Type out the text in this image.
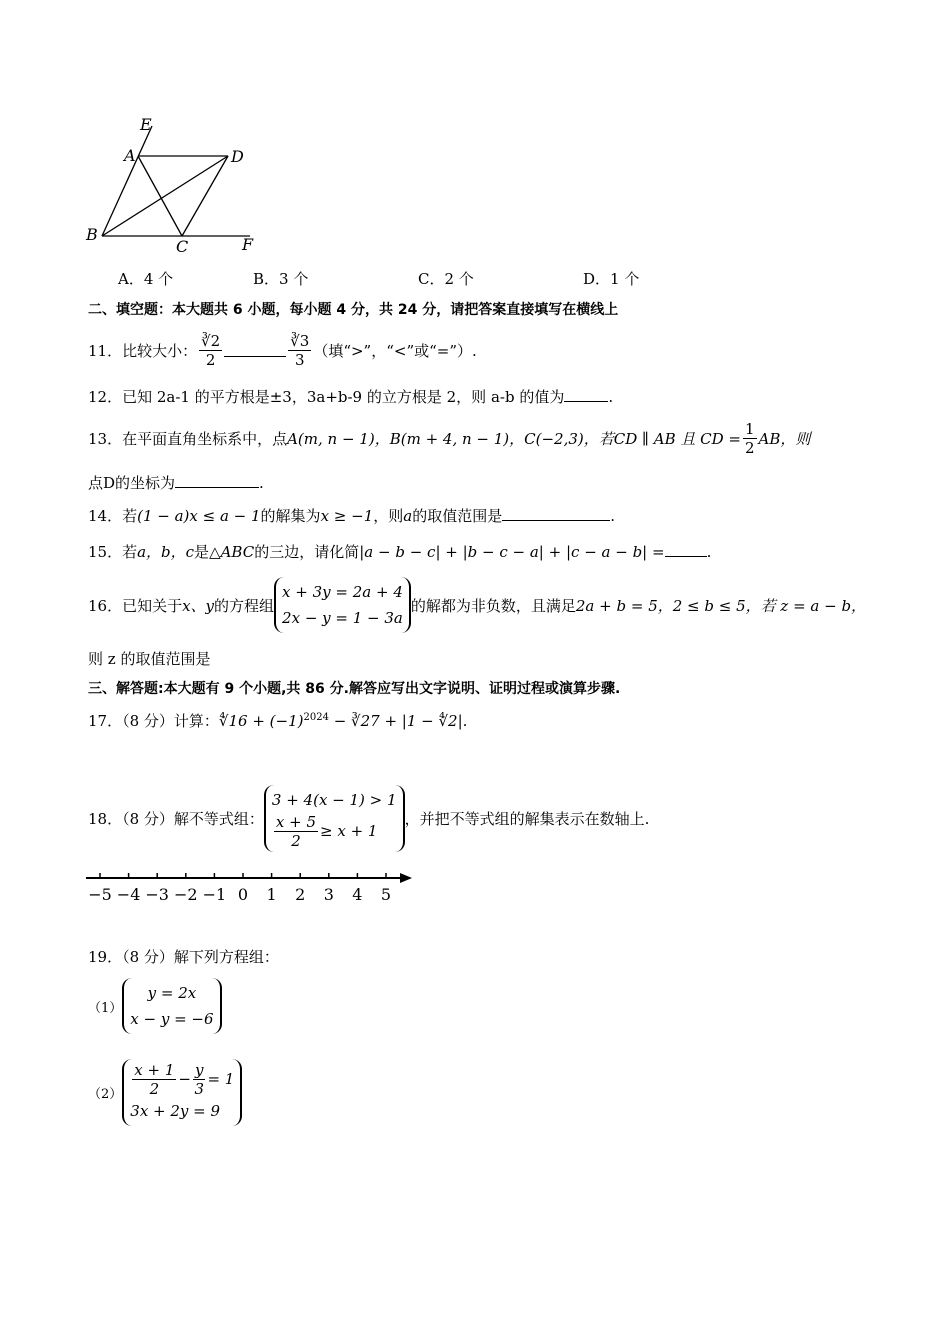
E
A	D
B
C	F
A．4 个	B．3 个	C．2 个	D．1 个
二、填空题：本大题共 6 小题，每小题 4 分，共 24 分，请把答案直接填写在横线上
11．比较大小： $\frac{∛2}{2}$	$\frac{∛3}{3}$ （填“>”，“<”或“=”）.
12．已知 2a-1 的平方根是±3，3a+b-9 的立方根是 2，则 a-b 的值为	.
13．在平面直角坐标系中，点 A(m, n − 1)， B(m + 4, n − 1)， C(−2,3)，若 CD ∥ AB 且 CD = $\frac{1}{2}$ AB，则
点D的坐标为	.
14．若(1 − a)x ≤ a − 1的解集为x ≥ −1，则a的取值范围是	.
15．若a，b，c是△ABC的三边，请化简|a − b − c| + |b − c − a| + |c − a − b| =	.
16．已知关于 x、y 的方程组
x + 3y = 2a + 4
2x − y = 1 − 3a
的解都为非负数，且满足 2a + b = 5，2 ≤ b ≤ 5，若 z = a − b，
则 z 的取值范围是
三、解答题:本大题有 9 个小题,共 86 分.解答应写出文字说明、证明过程或演算步骤.
17．（8 分）计算：∜16 + $(-1)^{2024}$ − ∛27 + |1 − ∜2|.
18．（8 分）解不等式组：
3 + 4(x − 1) > 1
$\frac{x + 5}{2} \ge x + 1$
，并把不等式组的解集表示在数轴上.
−5 −4 −3 −2 −1 0 1 2 3 4 5
19．（8 分）解下列方程组：
（1）
y = 2x
x − y = −6
$(2) \frac{x + 1}{2} - \frac{y}{3} = 1$
3x + 2y = 9
